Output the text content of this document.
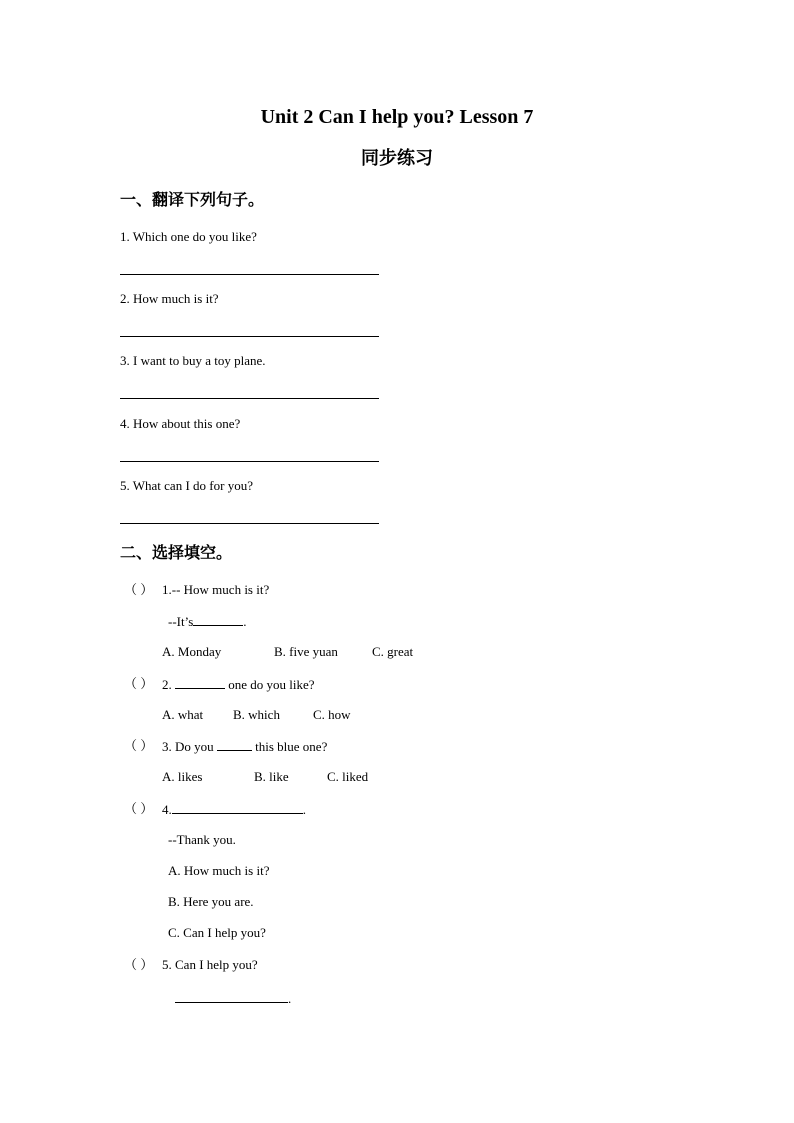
Unit 2 Can I help you? Lesson 7
同步练习
一、翻译下列句子。
1. Which one do you like?
2. How much is it?
3. I want to buy a toy plane.
4. How about this one?
5. What can I do for you?
二、选择填空。
（ ） 1.-- How much is it?
--It’s	.
A. Monday	B. five yuan	C. great
（ ） 2.	one do you like?
A. what B. which	C. how
（ ） 3. Do you	this blue one?
A. likes	B. like	C. liked
（ ） 4.	.
--Thank you.
A. How much is it?
B. Here you are.
C. Can I help you?
（ ） 5. Can I help you?
.
